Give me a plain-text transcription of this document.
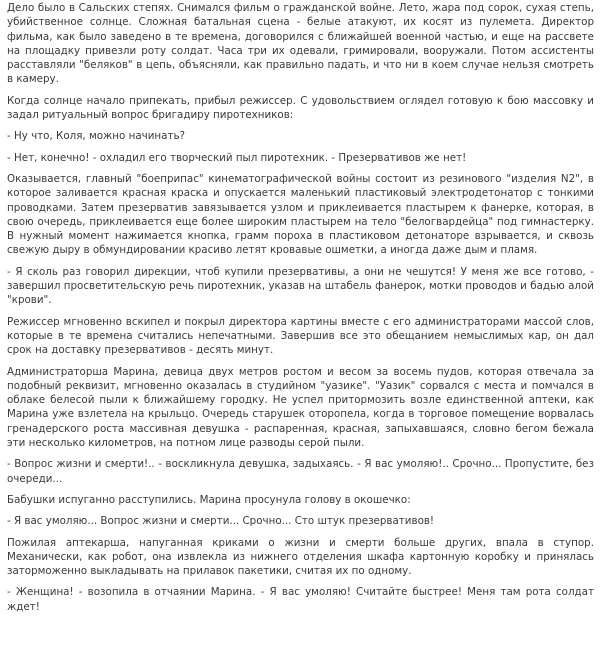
Дело было в Сальских степях. Снимался фильм о гражданской войне. Лето, жара под сорок, сухая степь, убийственное солнце. Сложная батальная сцена - белые атакуют, их косят из пулемета. Директор фильма, как было заведено в те времена, договорился с ближайшей военной частью, и еще на рассвете на площадку привезли роту солдат. Часа три их одевали, гримировали, вооружали. Потом ассистенты расставляли "беляков" в цепь, объясняли, как правильно падать, и что ни в коем случае нельзя смотреть в камеру.

Когда солнце начало припекать, прибыл режиссер. С удовольствием оглядел готовую к бою массовку и задал ритуальный вопрос бригадиру пиротехников:

- Ну что, Коля, можно начинать?

- Нет, конечно! - охладил его творческий пыл пиротехник. - Презервативов же нет!

Оказывается, главный "боеприпас" кинематографической войны состоит из резинового "изделия N2", в которое заливается красная краска и опускается маленький пластиковый электродетонатор с тонкими проводками. Затем презерватив завязывается узлом и приклеивается пластырем к фанерке, которая, в свою очередь, приклеивается еще более широким пластырем на тело "белогвардейца" под гимнастерку. В нужный момент нажимается кнопка, грамм пороха в пластиковом детонаторе взрывается, и сквозь свежую дыру в обмундировании красиво летят кровавые ошметки, а иногда даже дым и пламя.

- Я сколь раз говорил дирекции, чтоб купили презервативы, а они не чешутся! У меня же все готово, - завершил просветительскую речь пиротехник, указав на штабель фанерок, мотки проводов и бадью алой "крови".

Режиссер мгновенно вскипел и покрыл директора картины вместе с его администраторами массой слов, которые в те времена считались непечатными. Завершив все это обещанием немыслимых кар, он дал срок на доставку презервативов - десять минут.

Администраторша Марина, девица двух метров ростом и весом за восемь пудов, которая отвечала за подобный реквизит, мгновенно оказалась в студийном "уазике". "Уазик" сорвался с места и помчался в облаке белесой пыли к ближайшему городку. Не успел притормозить возле единственной аптеки, как Марина уже взлетела на крыльцо. Очередь старушек оторопела, когда в торговое помещение ворвалась гренадерского роста массивная девушка - распаренная, красная, запыхавшаяся, словно бегом бежала эти несколько километров, на потном лице разводы серой пыли.

- Вопрос жизни и смерти!.. - воскликнула девушка, задыхаясь. - Я вас умоляю!.. Срочно... Пропустите, без очереди...

Бабушки испуганно расступились. Марина просунула голову в окошечко:

- Я вас умоляю... Вопрос жизни и смерти... Срочно... Сто штук презервативов!

Пожилая аптекарша, напуганная криками о жизни и смерти больше других, впала в ступор. Механически, как робот, она извлекла из нижнего отделения шкафа картонную коробку и принялась заторможенно выкладывать на прилавок пакетики, считая их по одному.

- Женщина! - возопила в отчаянии Марина. - Я вас умоляю! Считайте быстрее! Меня там рота солдат ждет!
